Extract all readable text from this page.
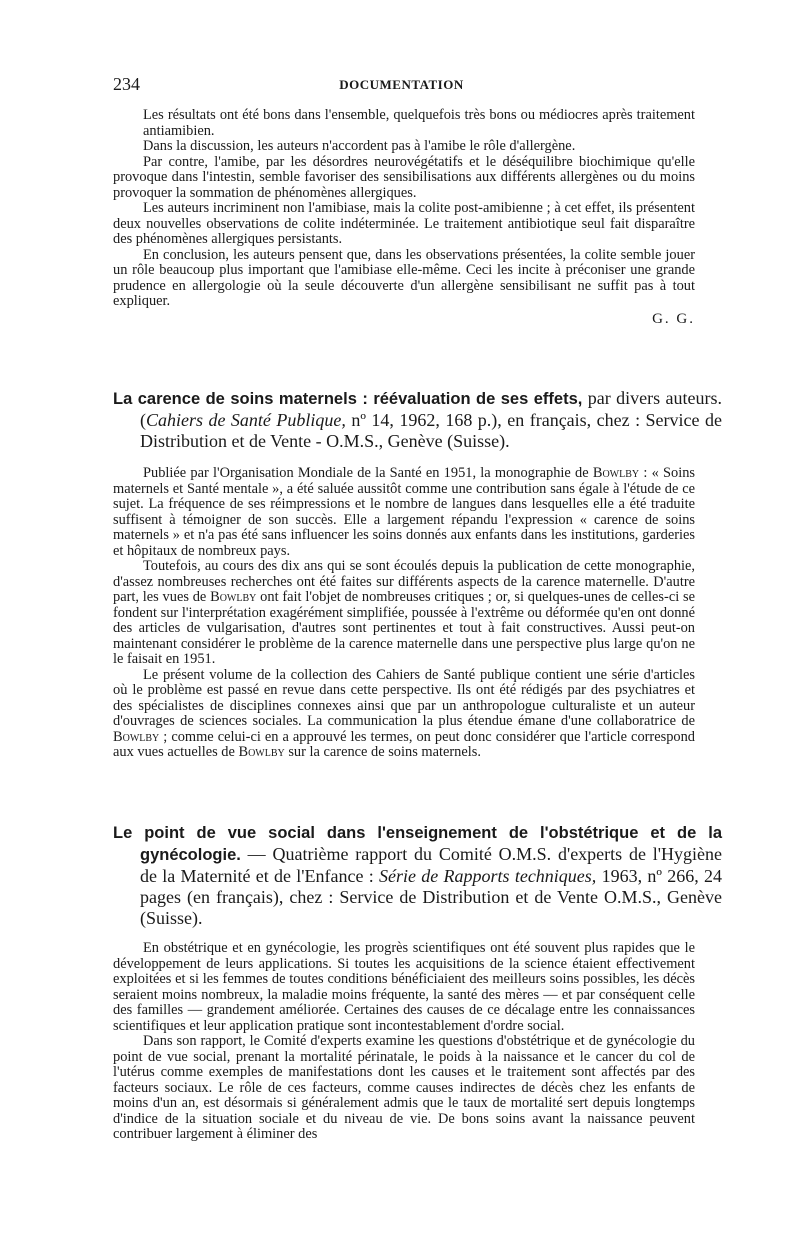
234	DOCUMENTATION

Les résultats ont été bons dans l'ensemble, quelquefois très bons ou médiocres après traitement antiamibien.

Dans la discussion, les auteurs n'accordent pas à l'amibe le rôle d'allergène.

Par contre, l'amibe, par les désordres neurovégétatifs et le déséquilibre biochimique qu'elle provoque dans l'intestin, semble favoriser des sensibilisations aux différents allergènes ou du moins provoquer la sommation de phénomènes allergiques.

Les auteurs incriminent non l'amibiase, mais la colite post-amibienne ; à cet effet, ils présentent deux nouvelles observations de colite indéterminée. Le traitement antibiotique seul fait disparaître des phénomènes allergiques persistants.

En conclusion, les auteurs pensent que, dans les observations présentées, la colite semble jouer un rôle beaucoup plus important que l'amibiase elle-même. Ceci les incite à préconiser une grande prudence en allergologie où la seule découverte d'un allergène sensibilisant ne suffit pas à tout expliquer.

G. G.
La carence de soins maternels : réévaluation de ses effets, par divers auteurs. (Cahiers de Santé Publique, nº 14, 1962, 168 p.), en français, chez : Service de Distribution et de Vente - O.M.S., Genève (Suisse).

Publiée par l'Organisation Mondiale de la Santé en 1951, la monographie de Bowlby : « Soins maternels et Santé mentale », a été saluée aussitôt comme une contribution sans égale à l'étude de ce sujet. La fréquence de ses réimpressions et le nombre de langues dans lesquelles elle a été traduite suffisent à témoigner de son succès. Elle a largement répandu l'expression « carence de soins maternels » et n'a pas été sans influencer les soins donnés aux enfants dans les institutions, garderies et hôpitaux de nombreux pays.

Toutefois, au cours des dix ans qui se sont écoulés depuis la publication de cette monographie, d'assez nombreuses recherches ont été faites sur différents aspects de la carence maternelle. D'autre part, les vues de Bowlby ont fait l'objet de nombreuses critiques ; or, si quelques-unes de celles-ci se fondent sur l'interprétation exagérément simplifiée, poussée à l'extrême ou déformée qu'en ont donné des articles de vulgarisation, d'autres sont pertinentes et tout à fait constructives. Aussi peut-on maintenant considérer le problème de la carence maternelle dans une perspective plus large qu'on ne le faisait en 1951.

Le présent volume de la collection des Cahiers de Santé publique contient une série d'articles où le problème est passé en revue dans cette perspective. Ils ont été rédigés par des psychiatres et des spécialistes de disciplines connexes ainsi que par un anthropologue culturaliste et un auteur d'ouvrages de sciences sociales. La communication la plus étendue émane d'une collaboratrice de Bowlby ; comme celui-ci en a approuvé les termes, on peut donc considérer que l'article correspond aux vues actuelles de Bowlby sur la carence de soins maternels.

Le point de vue social dans l'enseignement de l'obstétrique et de la gynécologie. — Quatrième rapport du Comité O.M.S. d'experts de l'Hygiène de la Maternité et de l'Enfance : Série de Rapports techniques, 1963, nº 266, 24 pages (en français), chez : Service de Distribution et de Vente O.M.S., Genève (Suisse).

En obstétrique et en gynécologie, les progrès scientifiques ont été souvent plus rapides que le développement de leurs applications. Si toutes les acquisitions de la science étaient effectivement exploitées et si les femmes de toutes conditions bénéficiaient des meilleurs soins possibles, les décès seraient moins nombreux, la maladie moins fréquente, la santé des mères — et par conséquent celle des familles — grandement améliorée. Certaines des causes de ce décalage entre les connaissances scientifiques et leur application pratique sont incontestablement d'ordre social.

Dans son rapport, le Comité d'experts examine les questions d'obstétrique et de gynécologie du point de vue social, prenant la mortalité périnatale, le poids à la naissance et le cancer du col de l'utérus comme exemples de manifestations dont les causes et le traitement sont affectés par des facteurs sociaux. Le rôle de ces facteurs, comme causes indirectes de décès chez les enfants de moins d'un an, est désormais si généralement admis que le taux de mortalité sert depuis longtemps d'indice de la situation sociale et du niveau de vie. De bons soins avant la naissance peuvent contribuer largement à éliminer des
